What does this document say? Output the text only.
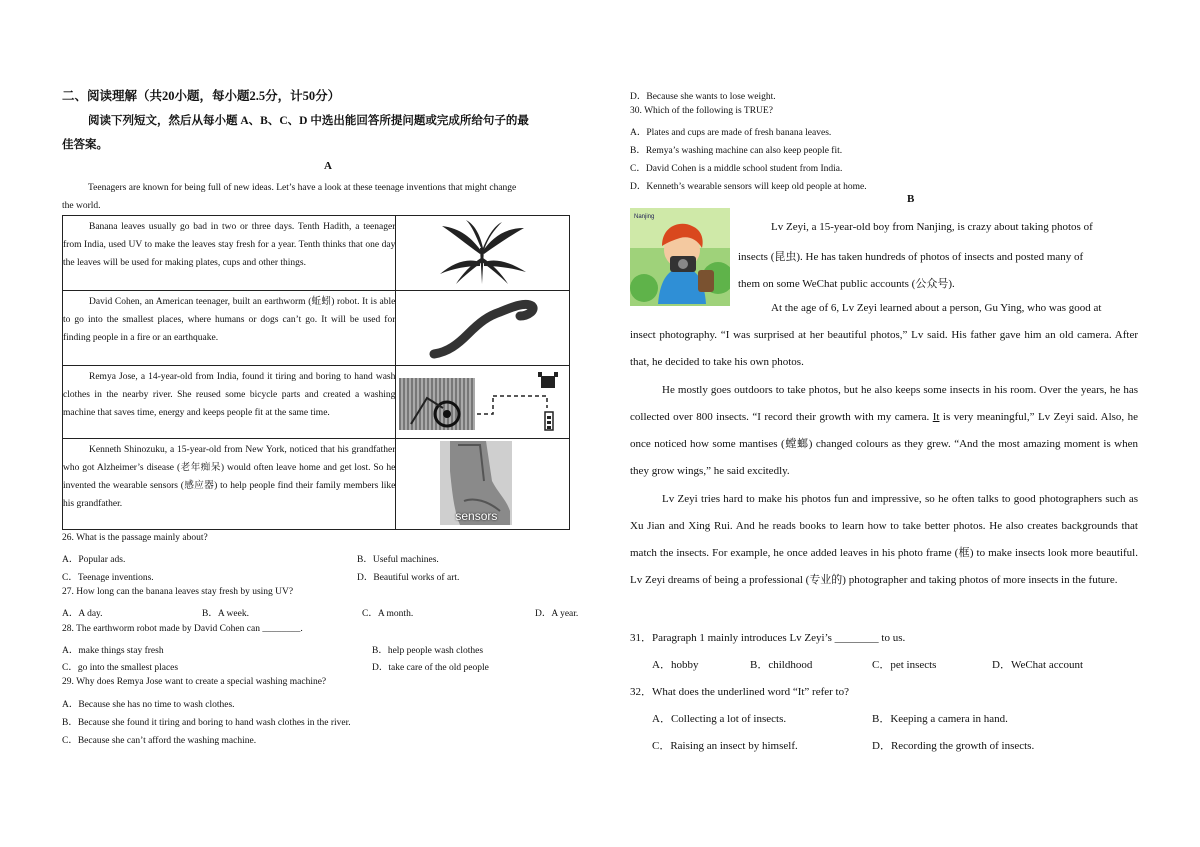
二、阅读理解（共20小题，每小题2.5分，计50分）
阅读下列短文，然后从每小题 A、B、C、D 中选出能回答所提问题或完成所给句子的最
佳答案。
A
Teenagers are known for being full of new ideas. Let’s have a look at these teenage inventions that might change
the world.
Banana leaves usually go bad in two or three days. Tenth Hadith, a teenager from India, used UV to make the leaves stay fresh for a year. Tenth thinks that one day the leaves will be used for making plates, cups and other things.

David Cohen, an American teenager, built an earthworm (蚯蚓) robot. It is able to go into the smallest places, where humans or dogs can’t go. It will be used for finding people in a fire or an earthquake.

Remya Jose, a 14-year-old from India, found it tiring and boring to hand wash clothes in the nearby river. She reused some bicycle parts and created a washing machine that saves time, energy and keeps people fit at the same time.

Kenneth Shinozuku, a 15-year-old from New York, noticed that his grandfather who got Alzheimer’s disease (老年痴呆) would often leave home and get lost. So he invented the wearable sensors (感应器) to help people find their family members like his grandfather.	sensors
26. What is the passage mainly about?
A．Popular ads.	B．Useful machines.
C．Teenage inventions.	D．Beautiful works of art.
27. How long can the banana leaves stay fresh by using UV?
A．A day.	B．A week.	C．A month.	D．A year.
28. The earthworm robot made by David Cohen can ________.
A．make things stay fresh	B．help people wash clothes
C．go into the smallest places	D．take care of the old people
29. Why does Remya Jose want to create a special washing machine?
A．Because she has no time to wash clothes.
B．Because she found it tiring and boring to hand wash clothes in the river.
C．Because she can’t afford the washing machine.
D．Because she wants to lose weight.
30. Which of the following is TRUE?
A．Plates and cups are made of fresh banana leaves.
B．Remya’s washing machine can also keep people fit.
C．David Cohen is a middle school student from India.
D．Kenneth’s wearable sensors will keep old people at home.
B
Nanjing
Lv Zeyi, a 15-year-old boy from Nanjing, is crazy about taking photos of
insects (昆虫). He has taken hundreds of photos of insects and posted many of
them on some WeChat public accounts (公众号).
At the age of 6, Lv Zeyi learned about a person, Gu Ying, who was good at
insect photography. “I was surprised at her beautiful photos,” Lv said. His father gave him an old camera. After that, he decided to take his own photos.
He mostly goes outdoors to take photos, but he also keeps some insects in his room. Over the years, he has collected over 800 insects. “I record their growth with my camera. It is very meaningful,” Lv Zeyi said. Also, he once noticed how some mantises (螳螂) changed colours as they grew. “And the most amazing moment is when they grow wings,” he said excitedly.
Lv Zeyi tries hard to make his photos fun and impressive, so he often talks to good photographers such as Xu Jian and Xing Rui. And he reads books to learn how to take better photos. He also creates backgrounds that match the insects. For example, he once added leaves in his photo frame (框) to make insects look more beautiful. Lv Zeyi dreams of being a professional (专业的) photographer and taking photos of more insects in the future.
31．Paragraph 1 mainly introduces Lv Zeyi’s ________ to us.
A．hobby	B．childhood	C．pet insects	D．WeChat account
32．What does the underlined word “It” refer to?
A．Collecting a lot of insects.	B．Keeping a camera in hand.
C．Raising an insect by himself.	D．Recording the growth of insects.
